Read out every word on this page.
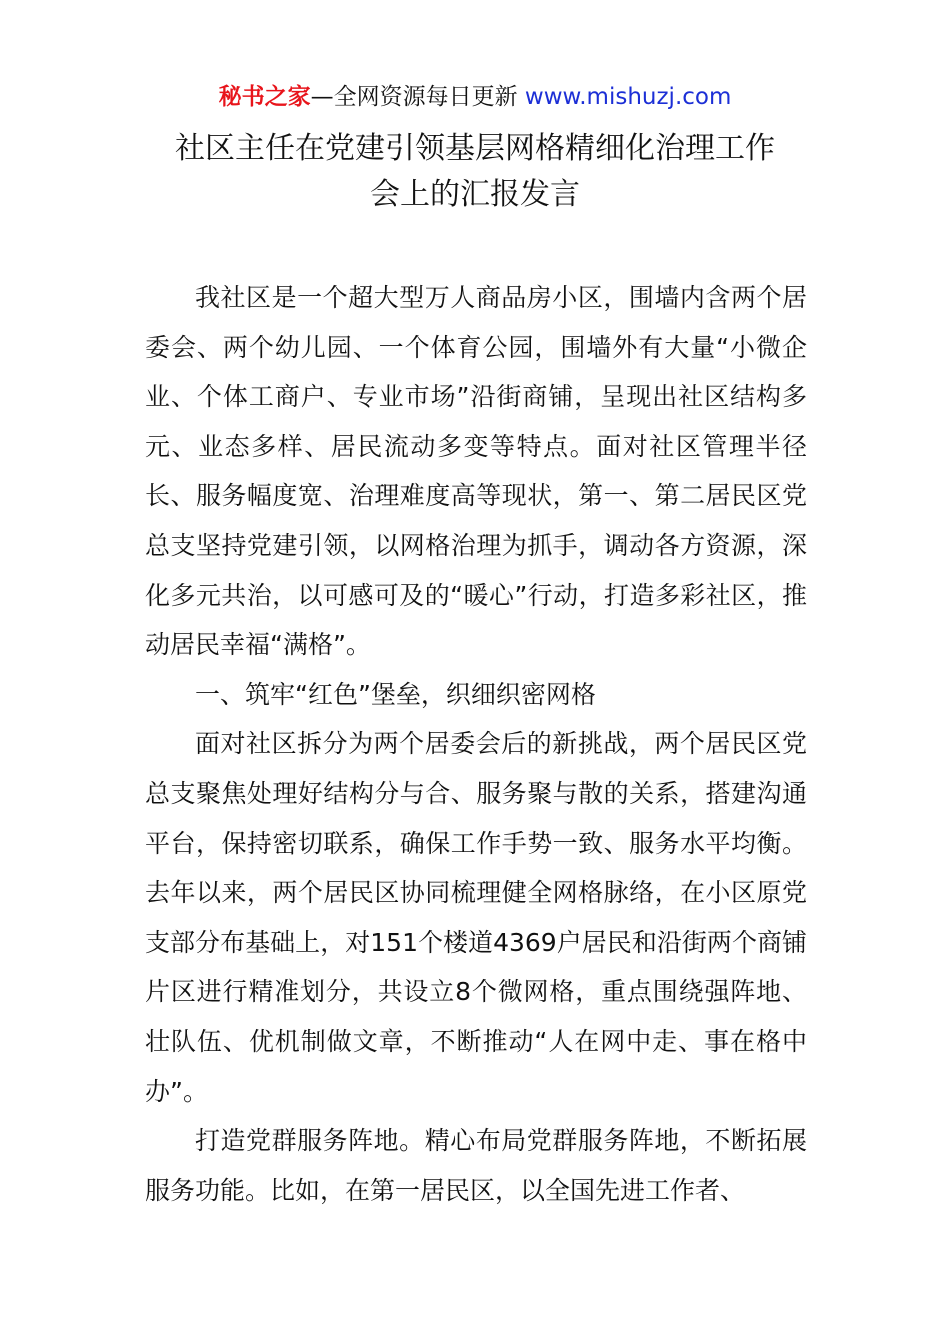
秘书之家—全网资源每日更新 www.mishuzj.com
社区主任在党建引领基层网格精细化治理工作
会上的汇报发言

我社区是一个超大型万人商品房小区，围墙内含两个居委会、两个幼儿园、一个体育公园，围墙外有大量“小微企业、个体工商户、专业市场”沿街商铺，呈现出社区结构多元、业态多样、居民流动多变等特点。面对社区管理半径长、服务幅度宽、治理难度高等现状，第一、第二居民区党总支坚持党建引领，以网格治理为抓手，调动各方资源，深化多元共治，以可感可及的“暖心”行动，打造多彩社区，推动居民幸福“满格”。

一、筑牢“红色”堡垒，织细织密网格

面对社区拆分为两个居委会后的新挑战，两个居民区党总支聚焦处理好结构分与合、服务聚与散的关系，搭建沟通平台，保持密切联系，确保工作手势一致、服务水平均衡。去年以来，两个居民区协同梳理健全网格脉络，在小区原党支部分布基础上，对151个楼道4369户居民和沿街两个商铺片区进行精准划分，共设立8个微网格，重点围绕强阵地、壮队伍、优机制做文章，不断推动“人在网中走、事在格中办”。

打造党群服务阵地。精心布局党群服务阵地，不断拓展服务功能。比如，在第一居民区，以全国先进工作者、
